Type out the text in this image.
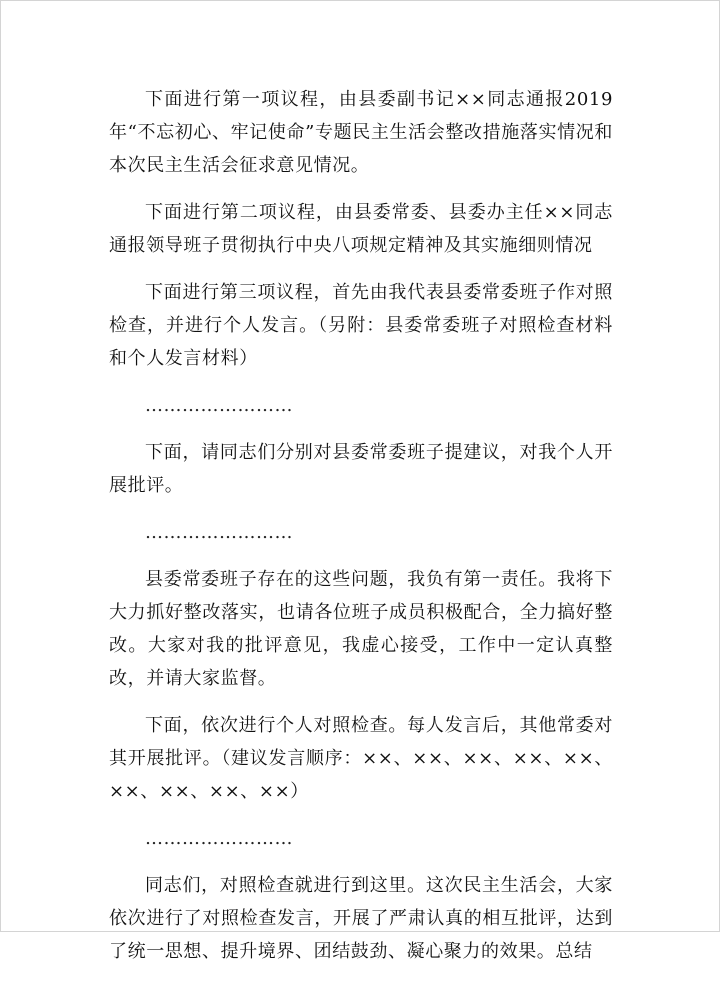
下面进行第一项议程，由县委副书记××同志通报2019年“不忘初心、牢记使命”专题民主生活会整改措施落实情况和本次民主生活会征求意见情况。

下面进行第二项议程，由县委常委、县委办主任××同志通报领导班子贯彻执行中央八项规定精神及其实施细则情况

下面进行第三项议程，首先由我代表县委常委班子作对照检查，并进行个人发言。（另附：县委常委班子对照检查材料和个人发言材料）

……………………

下面，请同志们分别对县委常委班子提建议，对我个人开展批评。

……………………

县委常委班子存在的这些问题，我负有第一责任。我将下大力抓好整改落实，也请各位班子成员积极配合，全力搞好整改。大家对我的批评意见，我虚心接受，工作中一定认真整改，并请大家监督。

下面，依次进行个人对照检查。每人发言后，其他常委对其开展批评。（建议发言顺序：××、××、××、××、××、××、××、××、××）

……………………

同志们，对照检查就进行到这里。这次民主生活会，大家依次进行了对照检查发言，开展了严肃认真的相互批评，达到了统一思想、提升境界、团结鼓劲、凝心聚力的效果。总结
